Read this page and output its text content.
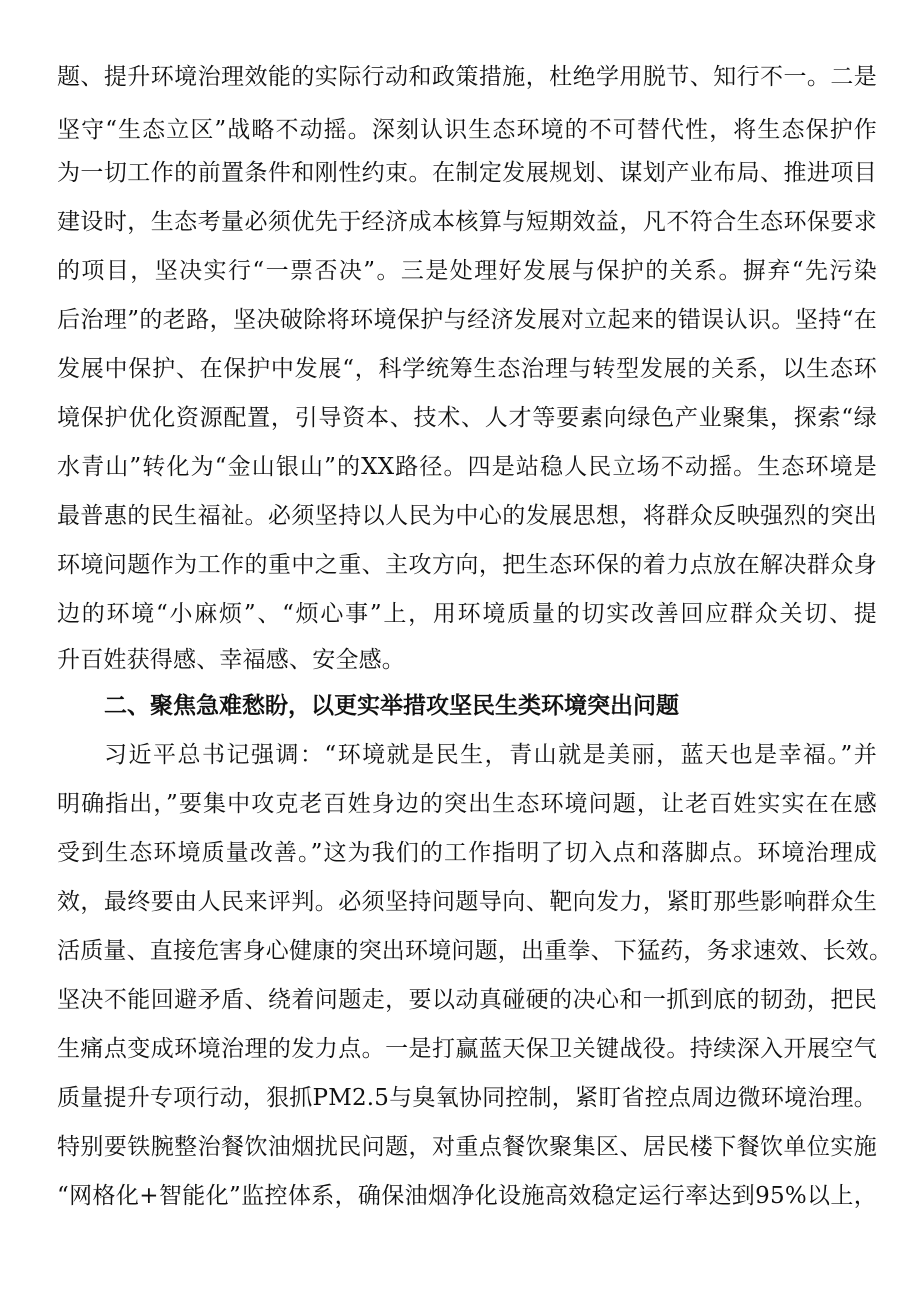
题、提升环境治理效能的实际行动和政策措施，杜绝学用脱节、知行不一。二是
坚守“生态立区”战略不动摇。深刻认识生态环境的不可替代性，将生态保护作
为一切工作的前置条件和刚性约束。在制定发展规划、谋划产业布局、推进项目
建设时，生态考量必须优先于经济成本核算与短期效益，凡不符合生态环保要求
的项目，坚决实行“一票否决”。三是处理好发展与保护的关系。摒弃“先污染
后治理”的老路，坚决破除将环境保护与经济发展对立起来的错误认识。坚持“在
发展中保护、在保护中发展“，科学统筹生态治理与转型发展的关系，以生态环
境保护优化资源配置，引导资本、技术、人才等要素向绿色产业聚集，探索“绿
水青山”转化为“金山银山”的XX路径。四是站稳人民立场不动摇。生态环境是
最普惠的民生福祉。必须坚持以人民为中心的发展思想，将群众反映强烈的突出
环境问题作为工作的重中之重、主攻方向，把生态环保的着力点放在解决群众身
边的环境“小麻烦”、“烦心事”上，用环境质量的切实改善回应群众关切、提
升百姓获得感、幸福感、安全感。
二、聚焦急难愁盼，以更实举措攻坚民生类环境突出问题
习近平总书记强调：“环境就是民生，青山就是美丽，蓝天也是幸福。”并
明确指出，”要集中攻克老百姓身边的突出生态环境问题，让老百姓实实在在感
受到生态环境质量改善。”这为我们的工作指明了切入点和落脚点。环境治理成
效，最终要由人民来评判。必须坚持问题导向、靶向发力，紧盯那些影响群众生
活质量、直接危害身心健康的突出环境问题，出重拳、下猛药，务求速效、长效。
坚决不能回避矛盾、绕着问题走，要以动真碰硬的决心和一抓到底的韧劲，把民
生痛点变成环境治理的发力点。一是打赢蓝天保卫关键战役。持续深入开展空气
质量提升专项行动，狠抓PM2.5与臭氧协同控制，紧盯省控点周边微环境治理。
特别要铁腕整治餐饮油烟扰民问题，对重点餐饮聚集区、居民楼下餐饮单位实施
“网格化+智能化”监控体系，确保油烟净化设施高效稳定运行率达到95%以上，
